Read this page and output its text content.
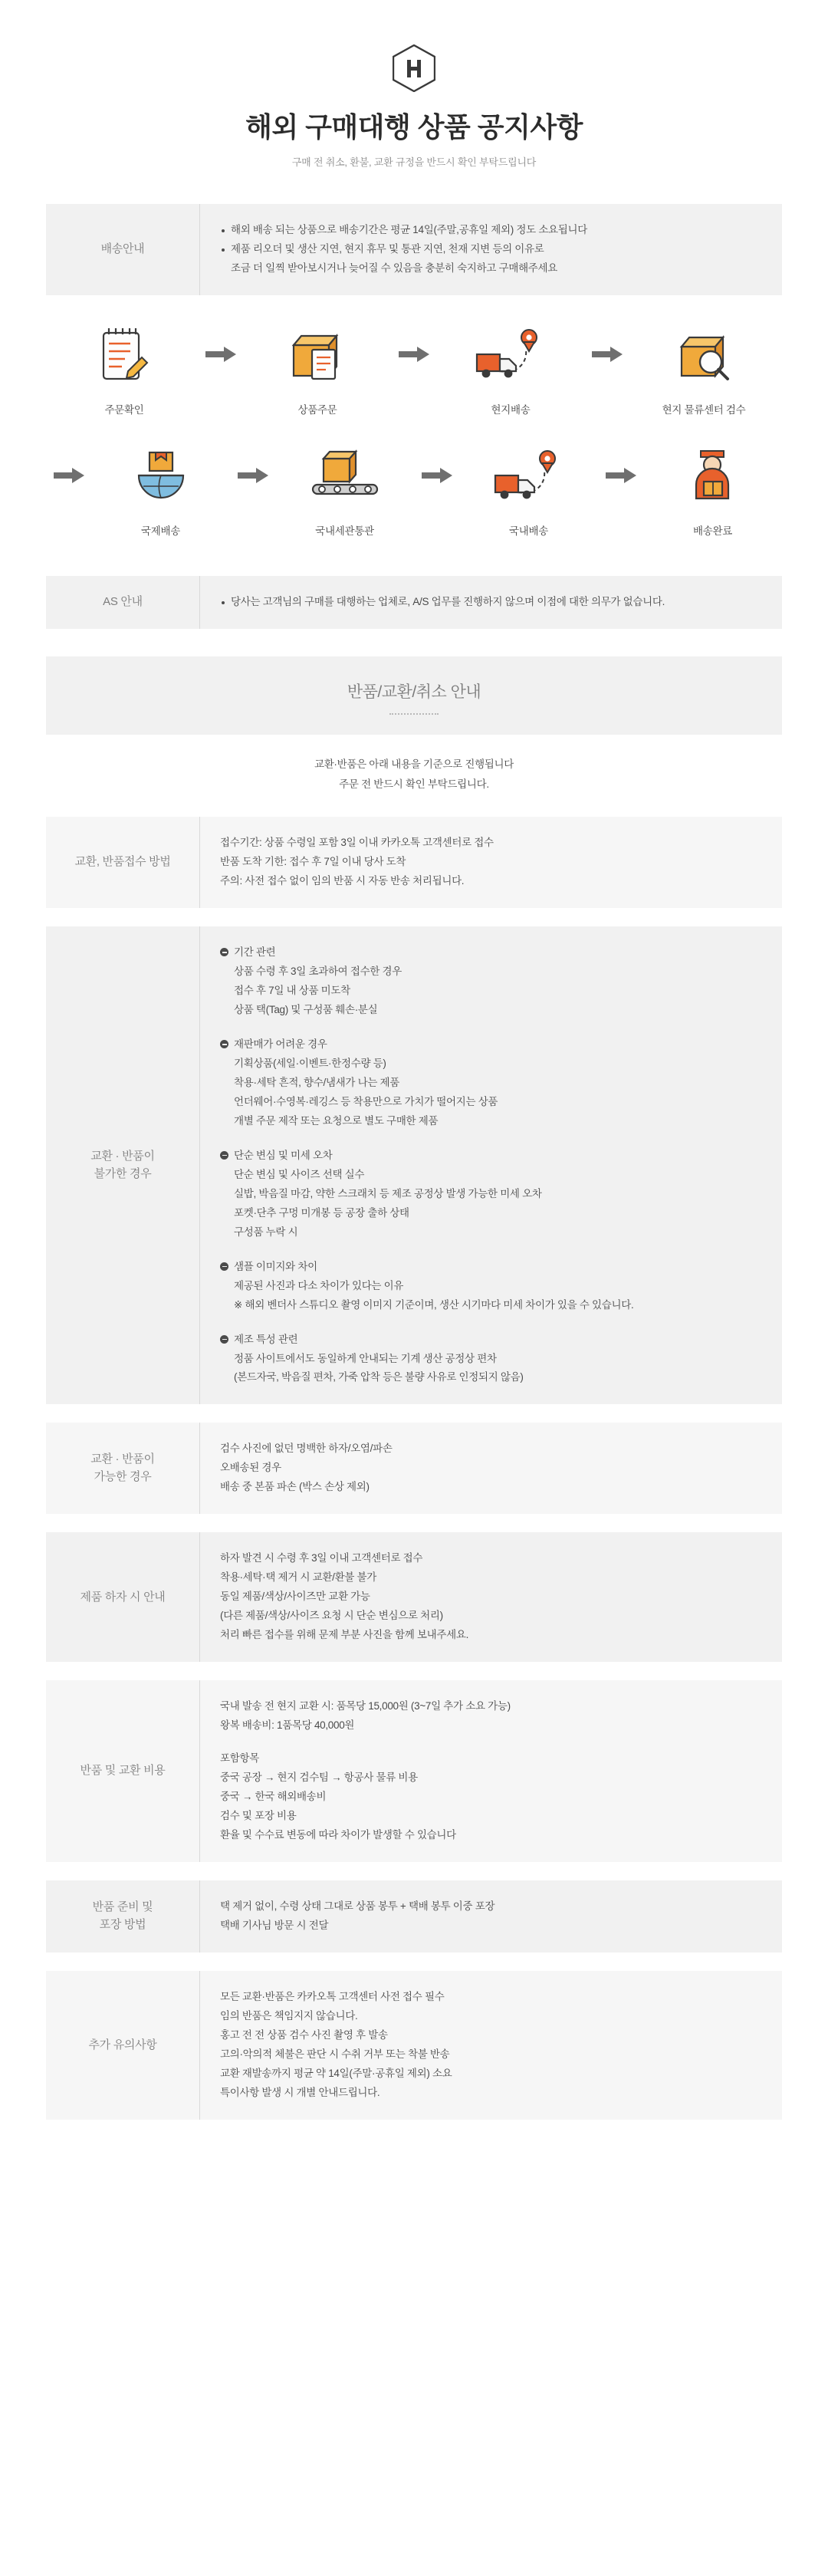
해외 구매대행 상품 공지사항
구매 전 취소, 환불, 교환 규정을 반드시 확인 부탁드립니다
배송안내
해외 배송 되는 상품으로 배송기간은 평균 14일(주말,공휴일 제외) 정도 소요됩니다
제품 리오더 및 생산 지연, 현지 휴무 및 통관 지연, 천재 지변 등의 이유로
조금 더 일찍 받아보시거나 늦어질 수 있음을 충분히 숙지하고 구매해주세요
주문확인	상품주문	현지배송	현지 물류센터 검수
국제배송	국내세관통관	국내배송	배송완료
AS 안내	당사는 고객님의 구매를 대행하는 업체로, A/S 업무를 진행하지 않으며 이점에 대한 의무가 없습니다.
반품/교환/취소 안내
교환·반품은 아래 내용을 기준으로 진행됩니다
주문 전 반드시 확인 부탁드립니다.
교환, 반품접수 방법
접수기간: 상품 수령일 포함 3일 이내 카카오톡 고객센터로 접수
반품 도착 기한: 접수 후 7일 이내 당사 도착
주의: 사전 접수 없이 임의 반품 시 자동 반송 처리됩니다.
교환 · 반품이
불가한 경우
기간 관련
상품 수령 후 3일 초과하여 접수한 경우
접수 후 7일 내 상품 미도착
상품 택(Tag) 및 구성품 훼손·분실
재판매가 어려운 경우
기획상품(세일·이벤트·한정수량 등)
착용·세탁 흔적, 향수/냄새가 나는 제품
언더웨어·수영복·레깅스 등 착용만으로 가치가 떨어지는 상품
개별 주문 제작 또는 요청으로 별도 구매한 제품
단순 변심 및 미세 오차
단순 변심 및 사이즈 선택 실수
실밥, 박음질 마감, 약한 스크래치 등 제조 공정상 발생 가능한 미세 오차
포켓·단추 구멍 미개봉 등 공장 출하 상태
구성품 누락 시
샘플 이미지와 차이
제공된 사진과 다소 차이가 있다는 이유
※ 해외 벤더사 스튜디오 촬영 이미지 기준이며, 생산 시기마다 미세 차이가 있을 수 있습니다.
제조 특성 관련
정품 사이트에서도 동일하게 안내되는 기계 생산 공정상 편차
(본드자국, 박음질 편차, 가죽 압착 등은 불량 사유로 인정되지 않음)
교환 · 반품이
가능한 경우
검수 사진에 없던 명백한 하자/오염/파손
오배송된 경우
배송 중 본품 파손 (박스 손상 제외)
제품 하자 시 안내
하자 발견 시 수령 후 3일 이내 고객센터로 접수
착용·세탁·택 제거 시 교환/환불 불가
동일 제품/색상/사이즈만 교환 가능
(다른 제품/색상/사이즈 요청 시 단순 변심으로 처리)
처리 빠른 접수를 위해 문제 부분 사진을 함께 보내주세요.
반품 및 교환 비용
국내 발송 전 현지 교환 시: 품목당 15,000원 (3~7일 추가 소요 가능)
왕복 배송비: 1품목당 40,000원
포함항목
중국 공장 → 현지 검수팀 → 항공사 물류 비용
중국 → 한국 해외배송비
검수 및 포장 비용
환율 및 수수료 변동에 따라 차이가 발생할 수 있습니다
반품 준비 및
포장 방법
택 제거 없이, 수령 상태 그대로 상품 봉투 + 택배 봉투 이중 포장
택배 기사님 방문 시 전달
추가 유의사항
모든 교환·반품은 카카오톡 고객센터 사전 접수 필수
임의 반품은 책임지지 않습니다.
홍고 전 전 상품 검수 사진 촬영 후 발송
고의·악의적 체불은 판단 시 수취 거부 또는 착불 반송
교환 재발송까지 평균 약 14일(주말·공휴일 제외) 소요
특이사항 발생 시 개별 안내드립니다.
